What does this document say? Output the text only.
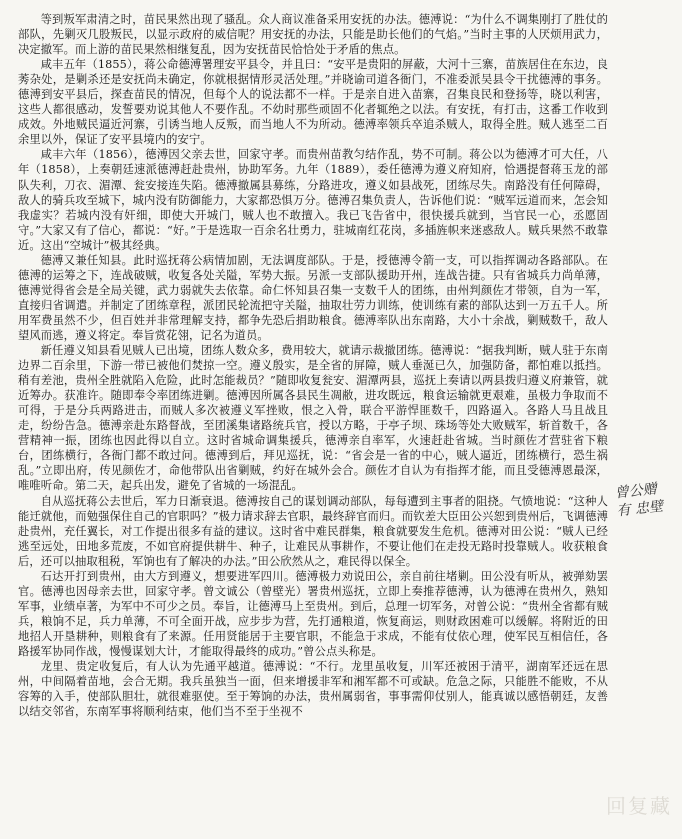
等到叛军肃清之时，苗民果然出现了骚乱。众人商议准备采用安抚的办法。德溥说：“为什么不调集刚打了胜仗的部队，先剿灭几股叛民，以显示政府的威信呢？用安抚的办法，只能是助长他们的气焰。”当时主事的人厌烦用武力，决定撤军。而上游的苗民果然相继复乱，因为安抚苗民恰恰处于矛盾的焦点。

咸丰五年（1855），蒋公命德溥署理安平县令，并且曰：“安平是贵阳的屏蔽，大河十三寨，苗族居住在东边，良莠杂处，是剿杀还是安抚尚未确定，你就根据情形灵活处理。”并晓谕司道各衙门，不准委派吴县令干扰德溥的事务。德溥到安平县后，探查苗民的情况，但每个人的说法都不一样。于是亲自进入苗寨，召集良民和登扬等，晓以利害，这些人都很感动，发誓要劝说其他人不要作乱。不幼时那些顽固不化者辄绝之以法。有安抚，有打击，这番工作收到成效。外地贼民逼近河寨，引诱当地人反叛，而当地人不为所动。德溥率领兵卒追杀贼人，取得全胜。贼人逃至二百余里以外，保证了安平县境内的安宁。

咸丰六年（1856），德溥因父亲去世，回家守孝。而贵州苗教匀结作乱，势不可制。蒋公以为德溥才可大任，八年（1858），上奏朝廷速派德溥赶赴贵州，协助军务。九年（1889），委任德溥为遵义府知府，恰遇提督蒋玉龙的部队失利，刀衣、湄潭、瓮安接连失陷。德溥撤属县募练，分路进攻，遵义如县战死，团练尽失。南路没有任何障碍，敌人的骑兵攻至城下，城内没有防御能力，大家都恐惧万分。德溥召集负责人，告诉他们说：“贼军远道而来，怎会知我虚实？若城内没有奸细，即使大开城门，贼人也不敢擅入。我已飞告省中，很快援兵就到，当官民一心，丞愿固守。”大家又有了信心，都说：“好。”于是选取一百余名壮勇力，驻城南红花岗，多插旌帜来迷惑敌人。贼兵果然不敢靠近。这出“空城计”极其经典。

德溥又兼任知县。此时巡抚蒋公病情加剧，无法调度部队。于是，授德溥令箭一支，可以指挥调动各路部队。在德溥的运筹之下，连战破贼，收复各处关隘，军势大振。另派一支部队援助开州，连战告捷。只有省城兵力尚单薄，德溥觉得省会是全局关键，武力弱就失去依靠。命仁怀知县召集一支数千人的团练，由州判颜佐才带领，自为一军，直接归省调遣。并制定了团练章程，派团民轮流把守关隘，抽取壮劳力训练，使训练有素的部队达到一万五千人。所用军费虽然不少，但百姓并非常理解支持，都争先恐后捐助粮食。德溥率队出东南路，大小十余战，剿贼数千，敌人望风而逃，遵义将定。奉旨赏花翎，记名为道员。

新任遵义知县看见贼人已出境，团练人数众多，费用较大，就请示裁撤团练。德溥说：“据我判断，贼人驻于东南边界二百余里，下游一带已被他们焚掠一空。遵义殷实，是全省的屏障，贼人垂涎已久，加强防备，都怕难以抵挡。稍有差池，贵州全胜就陷入危险，此时怎能裁员？”随即收复瓮安、湄潭两县，巡抚上奏请以两县拨归遵义府兼管，就近筹办。获准许。随即奉令率团练进剿。德溥因所属各县民生凋敝，进攻既远，粮食运输就更艰难，虽极力争取而不可得，于是分兵两路进击，而贼人多次被遵义军挫败，恨之入骨，联合平游悍匪数千，四路逼入。各路人马且战且走，纷纷告急。德溥亲赴东路督战，至团溪集诸路统兵官，授以方略，于亭子坝、珠场等处大败贼军，斩首数千，各营精神一振，团练也因此得以自立。这时省城命调集援兵，德溥亲自率军，火速赶赴省城。当时颜佐才营驻省下粮台，团练横行，各衙门都不敢过问。德溥到后，拜见巡抚，说：“省会是一省的中心，贼人逼近，团练横行，恐生祸乱。”立即出府，传见颜佐才，命他带队出省剿贼，约好在城外会合。颜佐才自认为有指挥才能，而且受德溥恩最深，唯唯听命。第二天，起兵出发，避免了省城的一场混乱。

自从巡抚蒋公去世后，军力日渐衰退。德溥按自己的谋划调动部队，每每遭到主事者的阻挠。气愤地说：“这种人能迁就他，而勉强保住自己的官职吗？”极力请求辞去官职，最终辞官而归。而钦差大臣田公兴恕到贵州后，飞调德溥赴贵州，充任翼长，对工作提出很多有益的建议。这时省中难民群集，粮食就要发生危机。德溥对田公说：“贼人已经逃至远处，田地多荒废，不如官府提供耕牛、种子，让难民从事耕作，不要让他们在走投无路时投靠贼人。收获粮食后，还可以抽取租税，军饷也有了解决的办法。”田公欣然从之，难民得以保全。

石达开打到贵州，由大方到遵义，想要进军四川。德溥极力劝说田公，亲自前往堵剿。田公没有听从，被弹劾罢官。德溥也因母亲去世，回家守孝。曾文诚公（曾壁光）署贵州巡抚，立即上奏推荐德溥，认为德溥在贵州久，熟知军事，业绩卓著，为军中不可少之员。奉旨，让德溥马上至贵州。到后，总理一切军务，对曾公说：“贵州全省都有贼兵，粮饷不足，兵力单薄，不可全面开战，应步步为营，先打通粮道，恢复商运，则财政困难可以缓解。将附近的田地招人开垦耕种，则粮食有了来源。任用贤能居于主要官职，不能急于求成，不能有仗依心理，使军民互相信任，各路援军协同作战，慢慢谋划大计，才能取得最终的成功。”曾公点头称是。

龙里、贵定收复后，有人认为先通平越道。德溥说：“不行。龙里虽收复，川军还被困于清平，湖南军还远在思州，中间隔着苗地，会合无期。我兵虽独当一面，但来增援非军和湘军都不可或缺。危急之际，只能胜不能败，不从容筹的入手，使部队胆壮，就很难驱使。至于筹饷的办法，贵州属弱省，事事需仰仗别人，能真诚以感悟朝廷，友善以结交邻省，东南军事将顺利结束，他们当不至于坐视不

曾公赠有 忠壁
回复藏
